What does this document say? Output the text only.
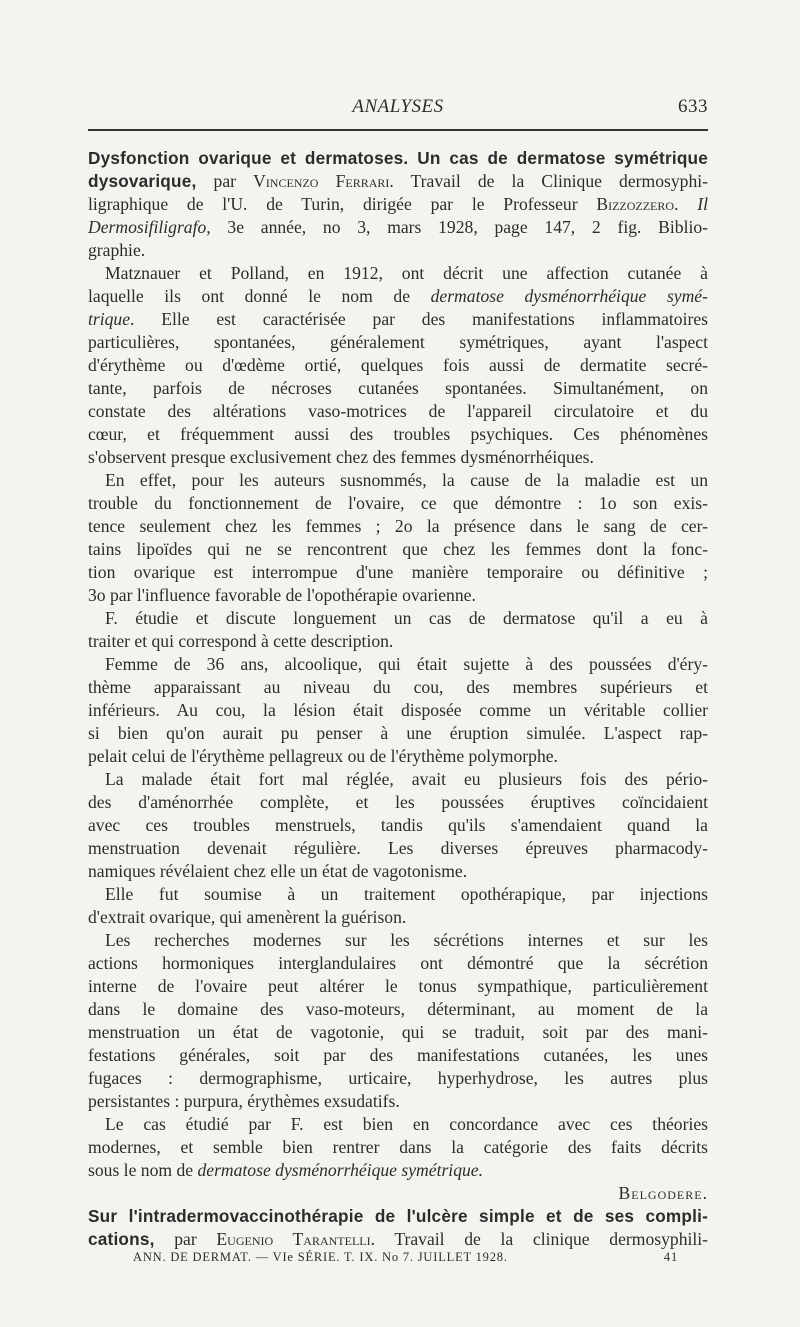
ANALYSES	633
Dysfonction ovarique et dermatoses. Un cas de dermatose symétrique
dysovarique, par Vincenzo Ferrari. Travail de la Clinique dermosyphi-
ligraphique de l'U. de Turin, dirigée par le Professeur Bizzozzero. Il
Dermosifiligrafo, 3e année, no 3, mars 1928, page 147, 2 fig. Biblio-
graphie.
Matznauer et Polland, en 1912, ont décrit une affection cutanée à
laquelle ils ont donné le nom de dermatose dysménorrhéique symé-
trique. Elle est caractérisée par des manifestations inflammatoires
particulières, spontanées, généralement symétriques, ayant l'aspect
d'érythème ou d'œdème ortié, quelques fois aussi de dermatite secré-
tante, parfois de nécroses cutanées spontanées. Simultanément, on
constate des altérations vaso-motrices de l'appareil circulatoire et du
cœur, et fréquemment aussi des troubles psychiques. Ces phénomènes
s'observent presque exclusivement chez des femmes dysménorrhéiques.
En effet, pour les auteurs susnommés, la cause de la maladie est un
trouble du fonctionnement de l'ovaire, ce que démontre : 1o son exis-
tence seulement chez les femmes ; 2o la présence dans le sang de cer-
tains lipoïdes qui ne se rencontrent que chez les femmes dont la fonc-
tion ovarique est interrompue d'une manière temporaire ou définitive ;
3o par l'influence favorable de l'opothérapie ovarienne.
F. étudie et discute longuement un cas de dermatose qu'il a eu à
traiter et qui correspond à cette description.
Femme de 36 ans, alcoolique, qui était sujette à des poussées d'éry-
thème apparaissant au niveau du cou, des membres supérieurs et
inférieurs. Au cou, la lésion était disposée comme un véritable collier
si bien qu'on aurait pu penser à une éruption simulée. L'aspect rap-
pelait celui de l'érythème pellagreux ou de l'érythème polymorphe.
La malade était fort mal réglée, avait eu plusieurs fois des pério-
des d'aménorrhée complète, et les poussées éruptives coïncidaient
avec ces troubles menstruels, tandis qu'ils s'amendaient quand la
menstruation devenait régulière. Les diverses épreuves pharmacody-
namiques révélaient chez elle un état de vagotonisme.
Elle fut soumise à un traitement opothérapique, par injections
d'extrait ovarique, qui amenèrent la guérison.
Les recherches modernes sur les sécrétions internes et sur les
actions hormoniques interglandulaires ont démontré que la sécrétion
interne de l'ovaire peut altérer le tonus sympathique, particulièrement
dans le domaine des vaso-moteurs, déterminant, au moment de la
menstruation un état de vagotonie, qui se traduit, soit par des mani-
festations générales, soit par des manifestations cutanées, les unes
fugaces : dermographisme, urticaire, hyperhydrose, les autres plus
persistantes : purpura, érythèmes exsudatifs.
Le cas étudié par F. est bien en concordance avec ces théories
modernes, et semble bien rentrer dans la catégorie des faits décrits
sous le nom de dermatose dysménorrhéique symétrique.
Belgodere.
Sur l'intradermovaccinothérapie de l'ulcère simple et de ses compli-
ANN. DE DERMAT. — VIe SÉRIE. T. IX. No 7. JUILLET 1928.	41
cations, par Eugenio Tarantelli. Travail de la clinique dermosyphili-
